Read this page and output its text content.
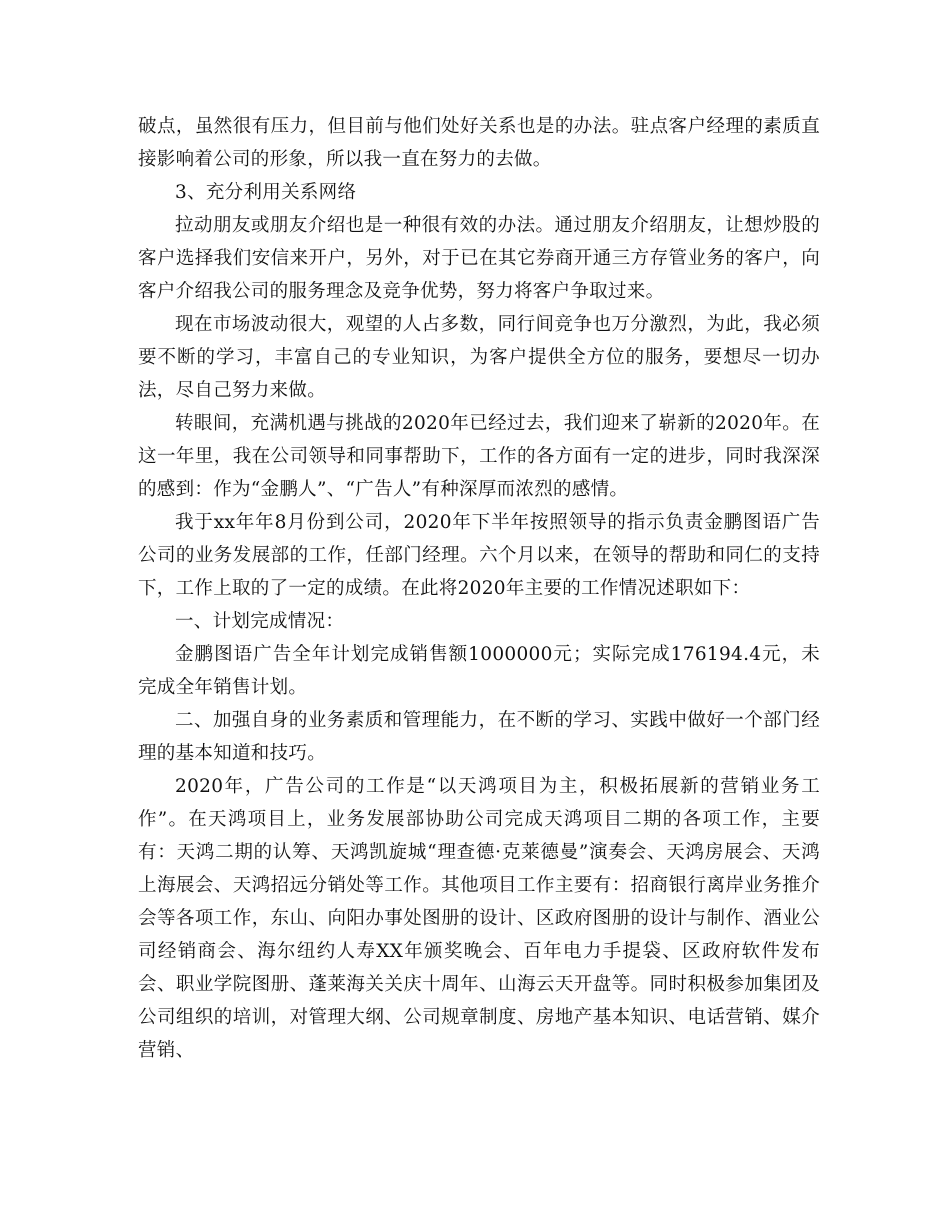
破点，虽然很有压力，但目前与他们处好关系也是的办法。驻点客户经理的素质直接影响着公司的形象，所以我一直在努力的去做。

3、充分利用关系网络

拉动朋友或朋友介绍也是一种很有效的办法。通过朋友介绍朋友，让想炒股的客户选择我们安信来开户，另外，对于已在其它券商开通三方存管业务的客户，向客户介绍我公司的服务理念及竞争优势，努力将客户争取过来。

现在市场波动很大，观望的人占多数，同行间竞争也万分激烈，为此，我必须要不断的学习，丰富自己的专业知识，为客户提供全方位的服务，要想尽一切办法，尽自己努力来做。

转眼间，充满机遇与挑战的2020年已经过去，我们迎来了崭新的2020年。在这一年里，我在公司领导和同事帮助下，工作的各方面有一定的进步，同时我深深的感到：作为“金鹏人”、“广告人”有种深厚而浓烈的感情。

我于xx年年8月份到公司，2020年下半年按照领导的指示负责金鹏图语广告公司的业务发展部的工作，任部门经理。六个月以来，在领导的帮助和同仁的支持下，工作上取的了一定的成绩。在此将2020年主要的工作情况述职如下：

一、计划完成情况：

金鹏图语广告全年计划完成销售额1000000元；实际完成176194.4元，未完成全年销售计划。

二、加强自身的业务素质和管理能力，在不断的学习、实践中做好一个部门经理的基本知道和技巧。

2020年，广告公司的工作是“以天鸿项目为主，积极拓展新的营销业务工作”。在天鸿项目上，业务发展部协助公司完成天鸿项目二期的各项工作，主要有：天鸿二期的认筹、天鸿凯旋城“理查德·克莱德曼”演奏会、天鸿房展会、天鸿上海展会、天鸿招远分销处等工作。其他项目工作主要有：招商银行离岸业务推介会等各项工作，东山、向阳办事处图册的设计、区政府图册的设计与制作、酒业公司经销商会、海尔纽约人寿XX年颁奖晚会、百年电力手提袋、区政府软件发布会、职业学院图册、蓬莱海关关庆十周年、山海云天开盘等。同时积极参加集团及公司组织的培训，对管理大纲、公司规章制度、房地产基本知识、电话营销、媒介营销、
